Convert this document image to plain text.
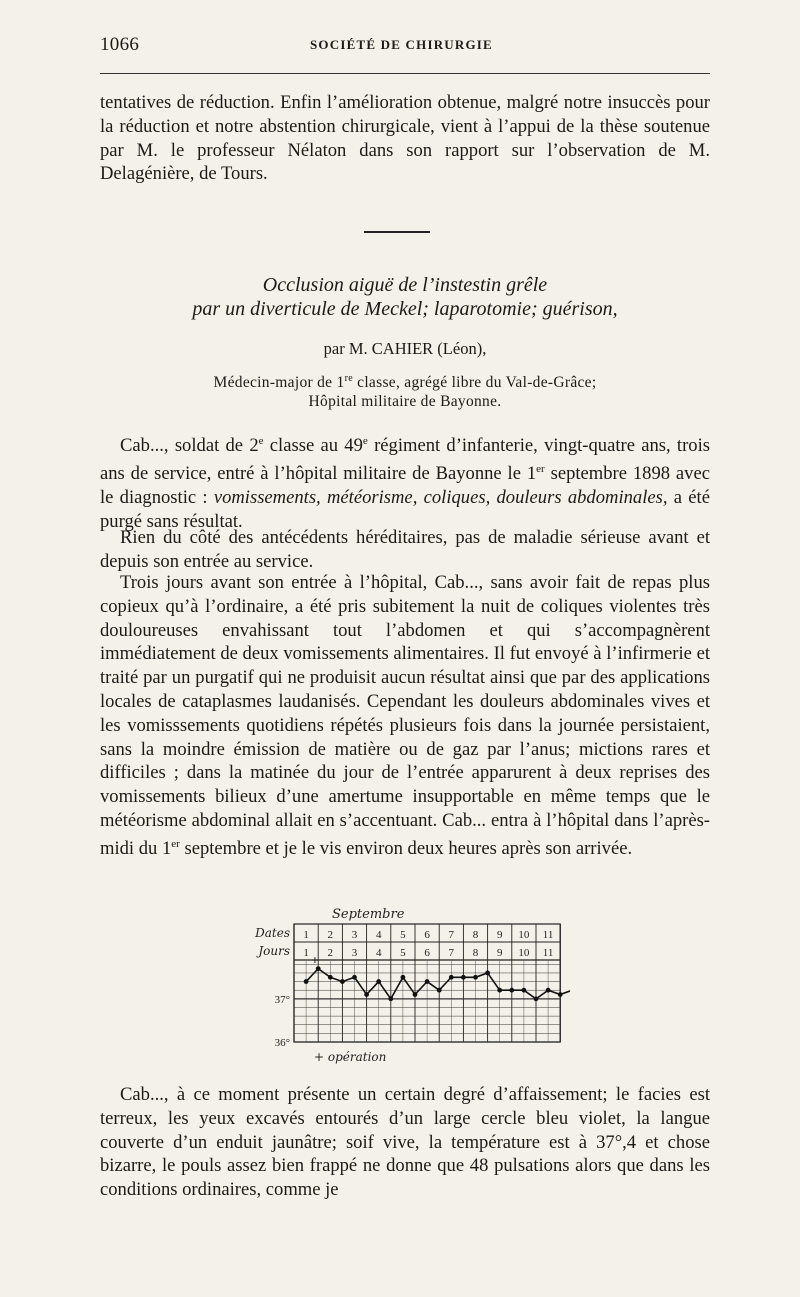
1066	SOCIÉTÉ DE CHIRURGIE

tentatives de réduction. Enfin l’amélioration obtenue, malgré notre insuccès pour la réduction et notre abstention chirurgicale, vient à l’appui de la thèse soutenue par M. le professeur Nélaton dans son rapport sur l’observation de M. Delagénière, de Tours.

Occlusion aiguë de l’instestin grêle
par un diverticule de Meckel; laparotomie; guérison,
par M. CAHIER (Léon),
Médecin-major de 1re classe, agrégé libre du Val-de-Grâce;
Hôpital militaire de Bayonne.

Cab..., soldat de 2e classe au 49e régiment d’infanterie, vingt-quatre ans, trois ans de service, entré à l’hôpital militaire de Bayonne le 1er septembre 1898 avec le diagnostic : vomissements, météorisme, coliques, douleurs abdominales, a été purgé sans résultat.

Rien du côté des antécédents héréditaires, pas de maladie sérieuse avant et depuis son entrée au service.

Trois jours avant son entrée à l’hôpital, Cab..., sans avoir fait de repas plus copieux qu’à l’ordinaire, a été pris subitement la nuit de coliques violentes très douloureuses envahissant tout l’abdomen et qui s’accompagnèrent immédiatement de deux vomissements alimentaires. Il fut envoyé à l’infirmerie et traité par un purgatif qui ne produisit aucun résultat ainsi que par des applications locales de cataplasmes laudanisés. Cependant les douleurs abdominales vives et les vomisssements quotidiens répétés plusieurs fois dans la journée persistaient, sans la moindre émission de matière ou de gaz par l’anus; mictions rares et difficiles ; dans la matinée du jour de l’entrée apparurent à deux reprises des vomissements bilieux d’une amertume insupportable en même temps que le météorisme abdominal allait en s’accentuant. Cab... entra à l’hôpital dans l’après-midi du 1er septembre et je le vis environ deux heures après son arrivée.

Septembre
Dates
Jours
1
1
2
2
3
3
4
4
5
5
6
6
7
7
8
8
9
9
10
10
11
11
37°
36°
+
+ opération

Cab..., à ce moment présente un certain degré d’affaissement; le facies est terreux, les yeux excavés entourés d’un large cercle bleu violet, la langue couverte d’un enduit jaunâtre; soif vive, la température est à 37°,4 et chose bizarre, le pouls assez bien frappé ne donne que 48 pulsations alors que dans les conditions ordinaires, comme je
